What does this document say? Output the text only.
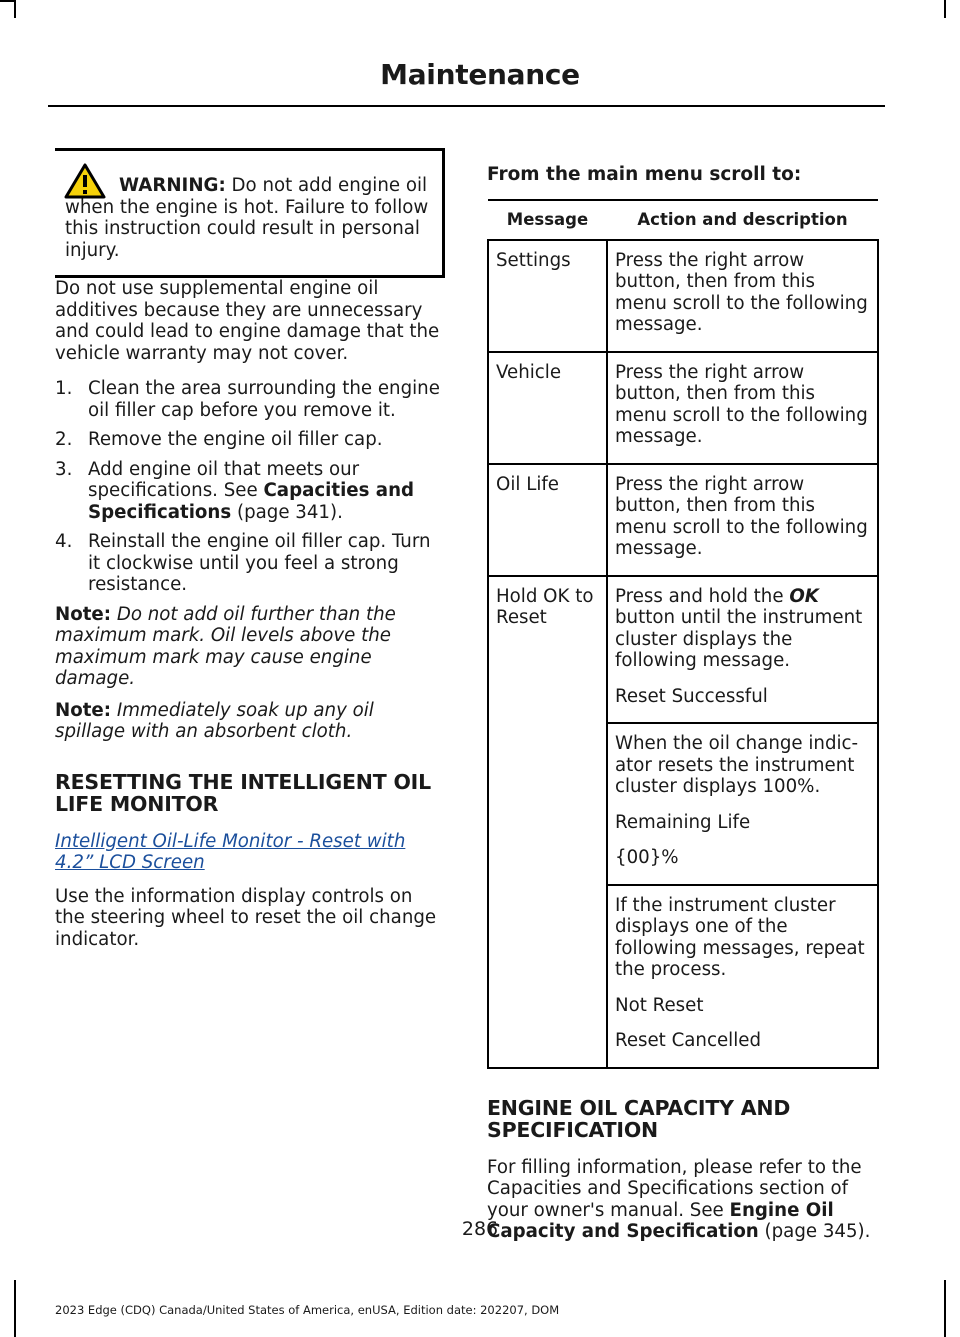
Maintenance
WARNING: Do not add engine oil when the engine is hot. Failure to follow this instruction could result in personal injury.

Do not use supplemental engine oil additives because they are unnecessary and could lead to engine damage that the vehicle warranty may not cover.

1. Clean the area surrounding the engine oil filler cap before you remove it.
2. Remove the engine oil filler cap.
3. Add engine oil that meets our specifications. See Capacities and Specifications (page 341).
4. Reinstall the engine oil filler cap. Turn it clockwise until you feel a strong resistance.

Note: Do not add oil further than the maximum mark. Oil levels above the maximum mark may cause engine damage.

Note: Immediately soak up any oil spillage with an absorbent cloth.

RESETTING THE INTELLIGENT OIL LIFE MONITOR
Intelligent Oil-Life Monitor - Reset with 4.2” LCD Screen

Use the information display controls on the steering wheel to reset the oil change indicator.

From the main menu scroll to:
Message	Action and description
Settings	Press the right arrow button, then from this menu scroll to the following message.
Vehicle	Press the right arrow button, then from this menu scroll to the following message.
Oil Life	Press the right arrow button, then from this menu scroll to the following message.
Hold OK to Reset	Press and hold the OK button until the instrument cluster displays the following message.

Reset Successful

	When the oil change indic-ator resets the instrument cluster displays 100%.

Remaining Life

{00}%

	If the instrument cluster displays one of the following messages, repeat the process.

Not Reset

Reset Cancelled

ENGINE OIL CAPACITY AND SPECIFICATION

For filling information, please refer to the Capacities and Specifications section of your owner's manual. See Engine Oil Capacity and Specification (page 345).

286
2023 Edge (CDQ) Canada/United States of America, enUSA, Edition date: 202207, DOM
